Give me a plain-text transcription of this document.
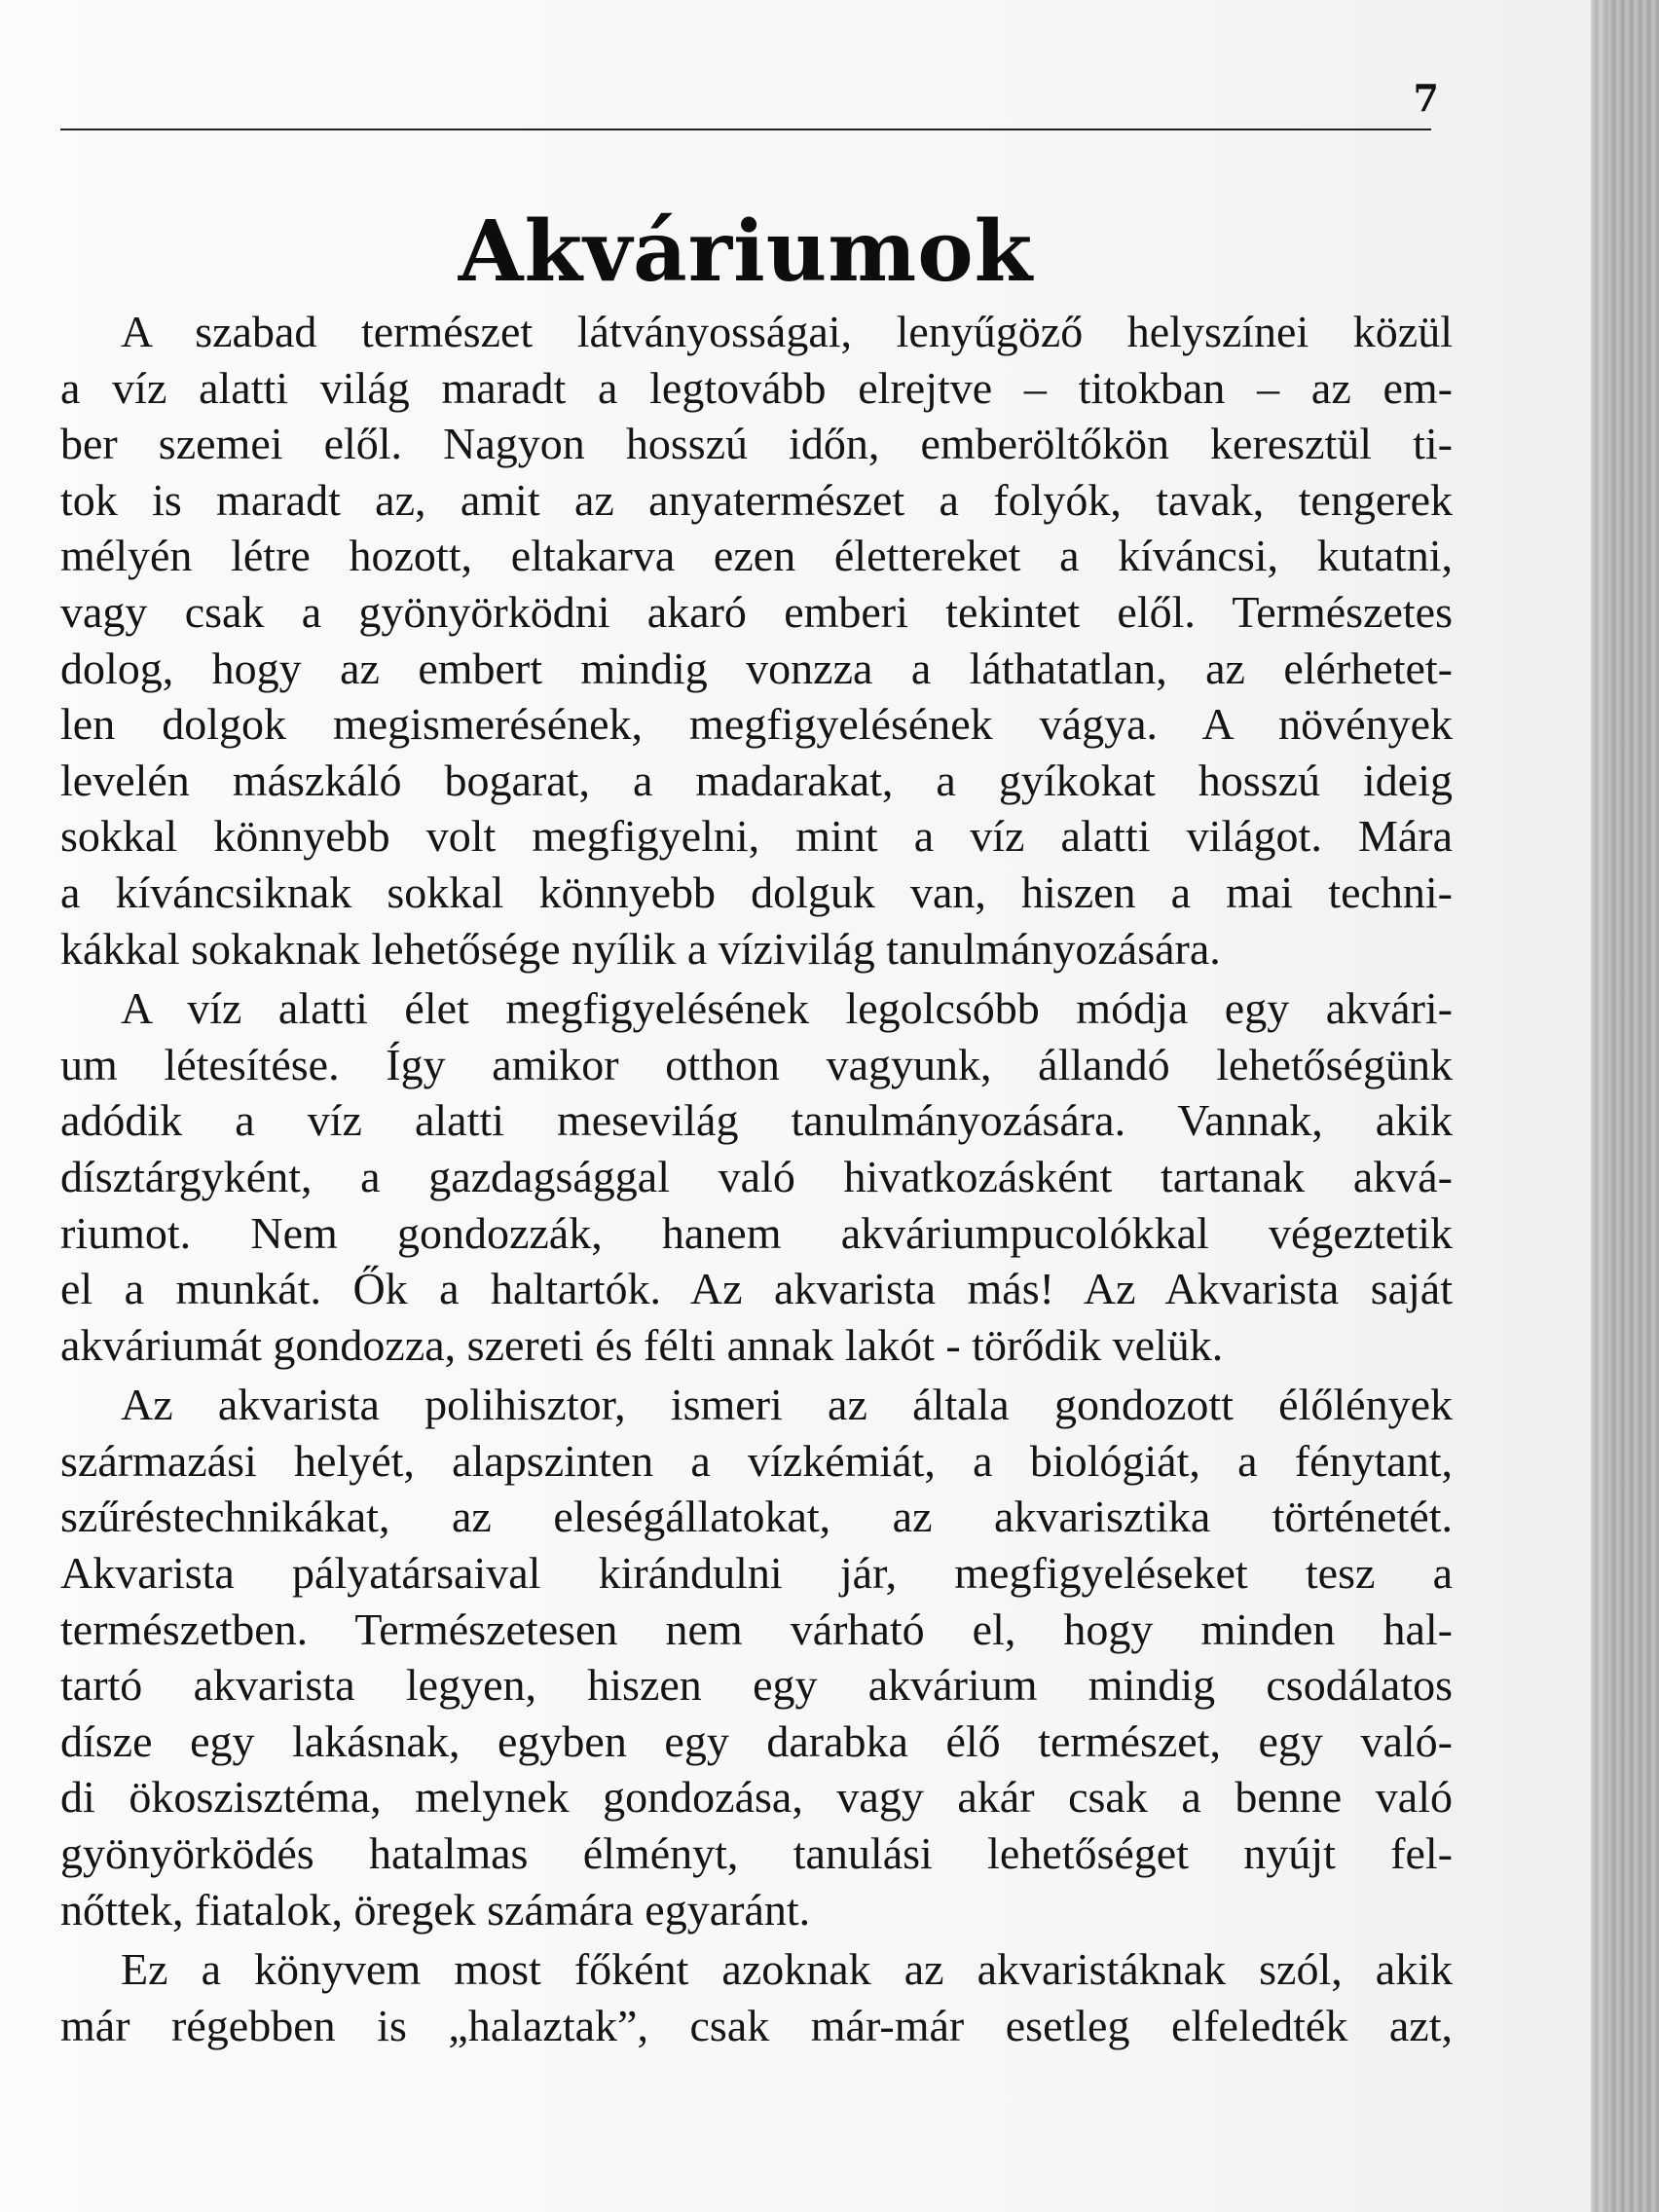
7
Akváriumok
A szabad természet látványosságai, lenyűgöző helyszínei közül
a víz alatti világ maradt a legtovább elrejtve – titokban – az em-
ber szemei elől. Nagyon hosszú időn, emberöltőkön keresztül ti-
tok is maradt az, amit az anyatermészet a folyók, tavak, tengerek
mélyén létre hozott, eltakarva ezen élettereket a kíváncsi, kutatni,
vagy csak a gyönyörködni akaró emberi tekintet elől. Természetes
dolog, hogy az embert mindig vonzza a láthatatlan, az elérhetet-
len dolgok megismerésének, megfigyelésének vágya. A növények
levelén mászkáló bogarat, a madarakat, a gyíkokat hosszú ideig
sokkal könnyebb volt megfigyelni, mint a víz alatti világot. Mára
a kíváncsiknak sokkal könnyebb dolguk van, hiszen a mai techni-
kákkal sokaknak lehetősége nyílik a vízivilág tanulmányozására.
A víz alatti élet megfigyelésének legolcsóbb módja egy akvári-
um létesítése. Így amikor otthon vagyunk, állandó lehetőségünk
adódik a víz alatti mesevilág tanulmányozására. Vannak, akik
dísztárgyként, a gazdagsággal való hivatkozásként tartanak akvá-
riumot. Nem gondozzák, hanem akváriumpucolókkal végeztetik
el a munkát. Ők a haltartók. Az akvarista más! Az Akvarista saját
akváriumát gondozza, szereti és félti annak lakót - törődik velük.
Az akvarista polihisztor, ismeri az általa gondozott élőlények
származási helyét, alapszinten a vízkémiát, a biológiát, a fénytant,
szűréstechnikákat, az eleségállatokat, az akvarisztika történetét.
Akvarista pályatársaival kirándulni jár, megfigyeléseket tesz a
természetben. Természetesen nem várható el, hogy minden hal-
tartó akvarista legyen, hiszen egy akvárium mindig csodálatos
dísze egy lakásnak, egyben egy darabka élő természet, egy való-
di ökoszisztéma, melynek gondozása, vagy akár csak a benne való
gyönyörködés hatalmas élményt, tanulási lehetőséget nyújt fel-
nőttek, fiatalok, öregek számára egyaránt.
Ez a könyvem most főként azoknak az akvaristáknak szól, akik
már régebben is „halaztak”, csak már-már esetleg elfeledték azt,
